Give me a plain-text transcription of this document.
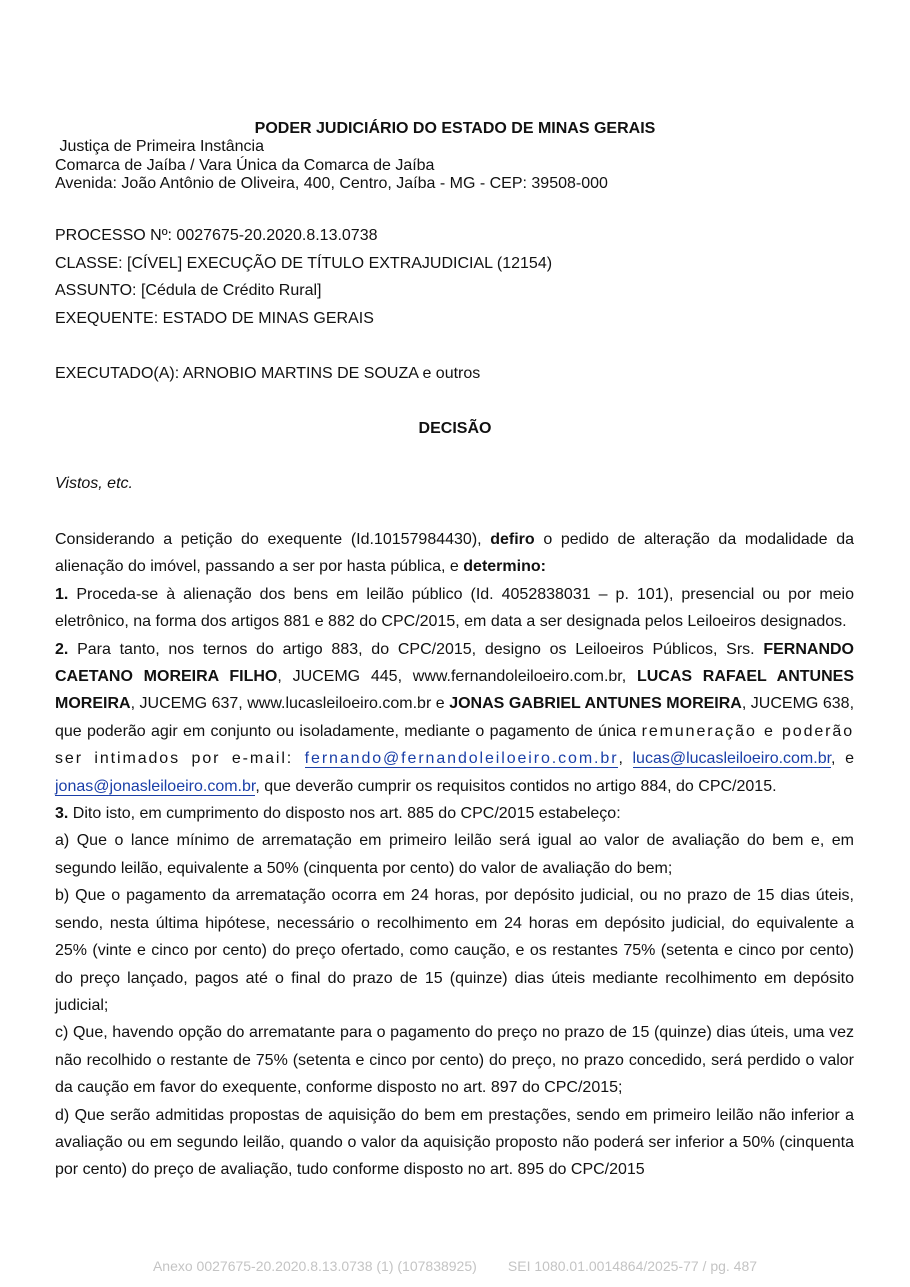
PODER JUDICIÁRIO DO ESTADO DE MINAS GERAIS
Justiça de Primeira Instância
Comarca de Jaíba / Vara Única da Comarca de Jaíba
Avenida: João Antônio de Oliveira, 400, Centro, Jaíba - MG - CEP: 39508-000
PROCESSO Nº: 0027675-20.2020.8.13.0738
CLASSE: [CÍVEL] EXECUÇÃO DE TÍTULO EXTRAJUDICIAL (12154)
ASSUNTO: [Cédula de Crédito Rural]
EXEQUENTE: ESTADO DE MINAS GERAIS
EXECUTADO(A): ARNOBIO MARTINS DE SOUZA e outros
DECISÃO
Vistos, etc.

Considerando a petição do exequente (Id.10157984430), defiro o pedido de alteração da modalidade da alienação do imóvel, passando a ser por hasta pública, e determino:

1. Proceda-se à alienação dos bens em leilão público (Id. 4052838031 – p. 101), presencial ou por meio eletrônico, na forma dos artigos 881 e 882 do CPC/2015, em data a ser designada pelos Leiloeiros designados.

2. Para tanto, nos ternos do artigo 883, do CPC/2015, designo os Leiloeiros Públicos, Srs. FERNANDO CAETANO MOREIRA FILHO, JUCEMG 445, www.fernandoleiloeiro.com.br, LUCAS RAFAEL ANTUNES MOREIRA, JUCEMG 637, www.lucasleiloeiro.com.br e JONAS GABRIEL ANTUNES MOREIRA, JUCEMG 638, que poderão agir em conjunto ou isoladamente, mediante o pagamento de única remuneração e poderão ser intimados por e-mail: fernando@fernandoleiloeiro.com.br, lucas@lucasleiloeiro.com.br, e jonas@jonasleiloeiro.com.br, que deverão cumprir os requisitos contidos no artigo 884, do CPC/2015.

3. Dito isto, em cumprimento do disposto nos art. 885 do CPC/2015 estabeleço:

a) Que o lance mínimo de arrematação em primeiro leilão será igual ao valor de avaliação do bem e, em segundo leilão, equivalente a 50% (cinquenta por cento) do valor de avaliação do bem;

b) Que o pagamento da arrematação ocorra em 24 horas, por depósito judicial, ou no prazo de 15 dias úteis, sendo, nesta última hipótese, necessário o recolhimento em 24 horas em depósito judicial, do equivalente a 25% (vinte e cinco por cento) do preço ofertado, como caução, e os restantes 75% (setenta e cinco por cento) do preço lançado, pagos até o final do prazo de 15 (quinze) dias úteis mediante recolhimento em depósito judicial;

c) Que, havendo opção do arrematante para o pagamento do preço no prazo de 15 (quinze) dias úteis, uma vez não recolhido o restante de 75% (setenta e cinco por cento) do preço, no prazo concedido, será perdido o valor da caução em favor do exequente, conforme disposto no art. 897 do CPC/2015;

d) Que serão admitidas propostas de aquisição do bem em prestações, sendo em primeiro leilão não inferior a avaliação ou em segundo leilão, quando o valor da aquisição proposto não poderá ser inferior a 50% (cinquenta por cento) do preço de avaliação, tudo conforme disposto no art. 895 do CPC/2015

Anexo 0027675-20.2020.8.13.0738 (1) (107838925) SEI 1080.01.0014864/2025-77 / pg. 487
